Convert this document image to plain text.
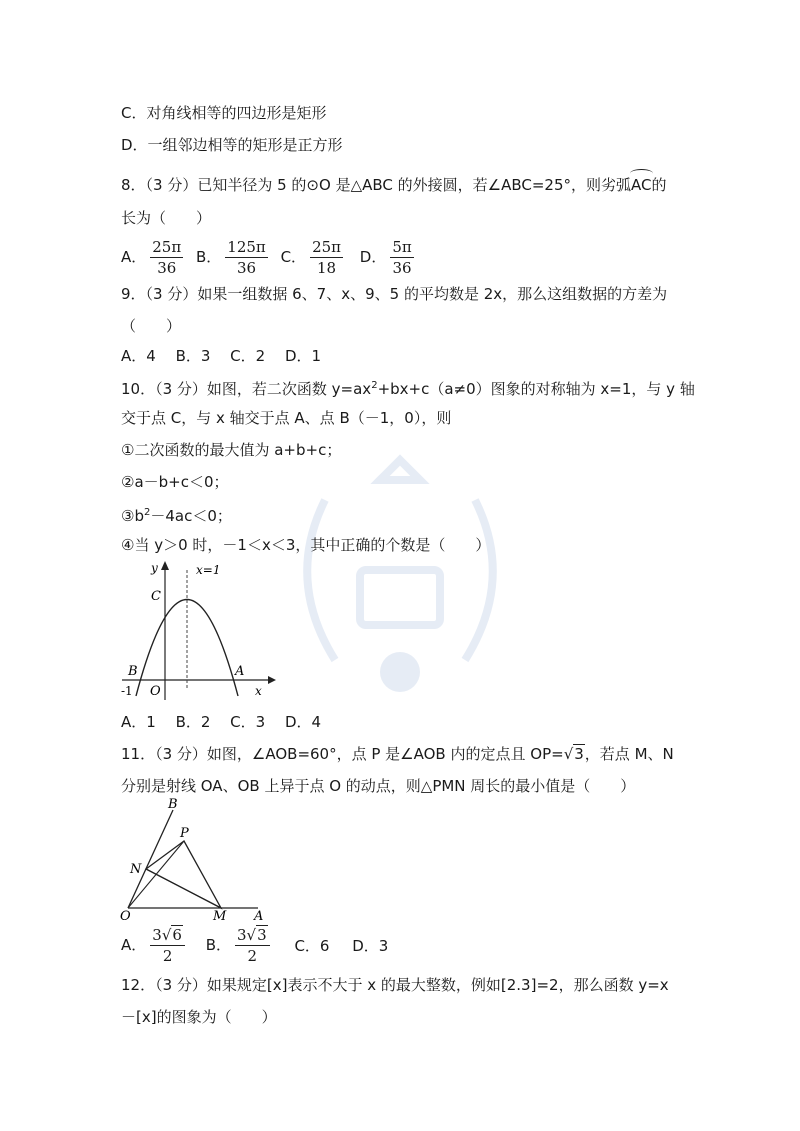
C．对角线相等的四边形是矩形
D．一组邻边相等的矩形是正方形
8．（3 分）已知半径为 5 的⊙O 是△ABC 的外接圆，若∠ABC=25°，则劣弧AC的
长为（　　）
A． $\frac{25\pi}{36}$ B． $\frac{125\pi}{36}$ C． $\frac{25\pi}{18}$ D． $\frac{5\pi}{36}$
9．（3 分）如果一组数据 6、7、x、9、5 的平均数是 2x，那么这组数据的方差为
（　　）
A．4　 B．3　 C．2　 D．1
10．（3 分）如图，若二次函数 $y=ax^2+bx+c(a\ne 0)$图象的对称轴为 x=1，与 y 轴
交于点 C，与 x 轴交于点 A、点 B（－1，0），则
①二次函数的最大值为 a+b+c；
②a－b+c＜0；
$③b^2-4ac<0$；
④当 y＞0 时，－1＜x＜3，其中正确的个数是（　　）
y	x=1
C
B	A
O
-1	x
A．1　 B．2　 C．3　 D．4
11．（3 分）如图，∠AOB=60°，点 P 是∠AOB 内的定点且 OP=√3，若点 M、N
分别是射线 OA、OB 上异于点 O 的动点，则△PMN 周长的最小值是（　　）
B
P
N
O	M A
A． $\frac{3√6}{2}$ B． $\frac{3√3}{2}$ C．6 D．3
12．（3 分）如果规定[x]表示不大于 x 的最大整数，例如[2.3]=2，那么函数 y=x
－[x]的图象为（　　）
